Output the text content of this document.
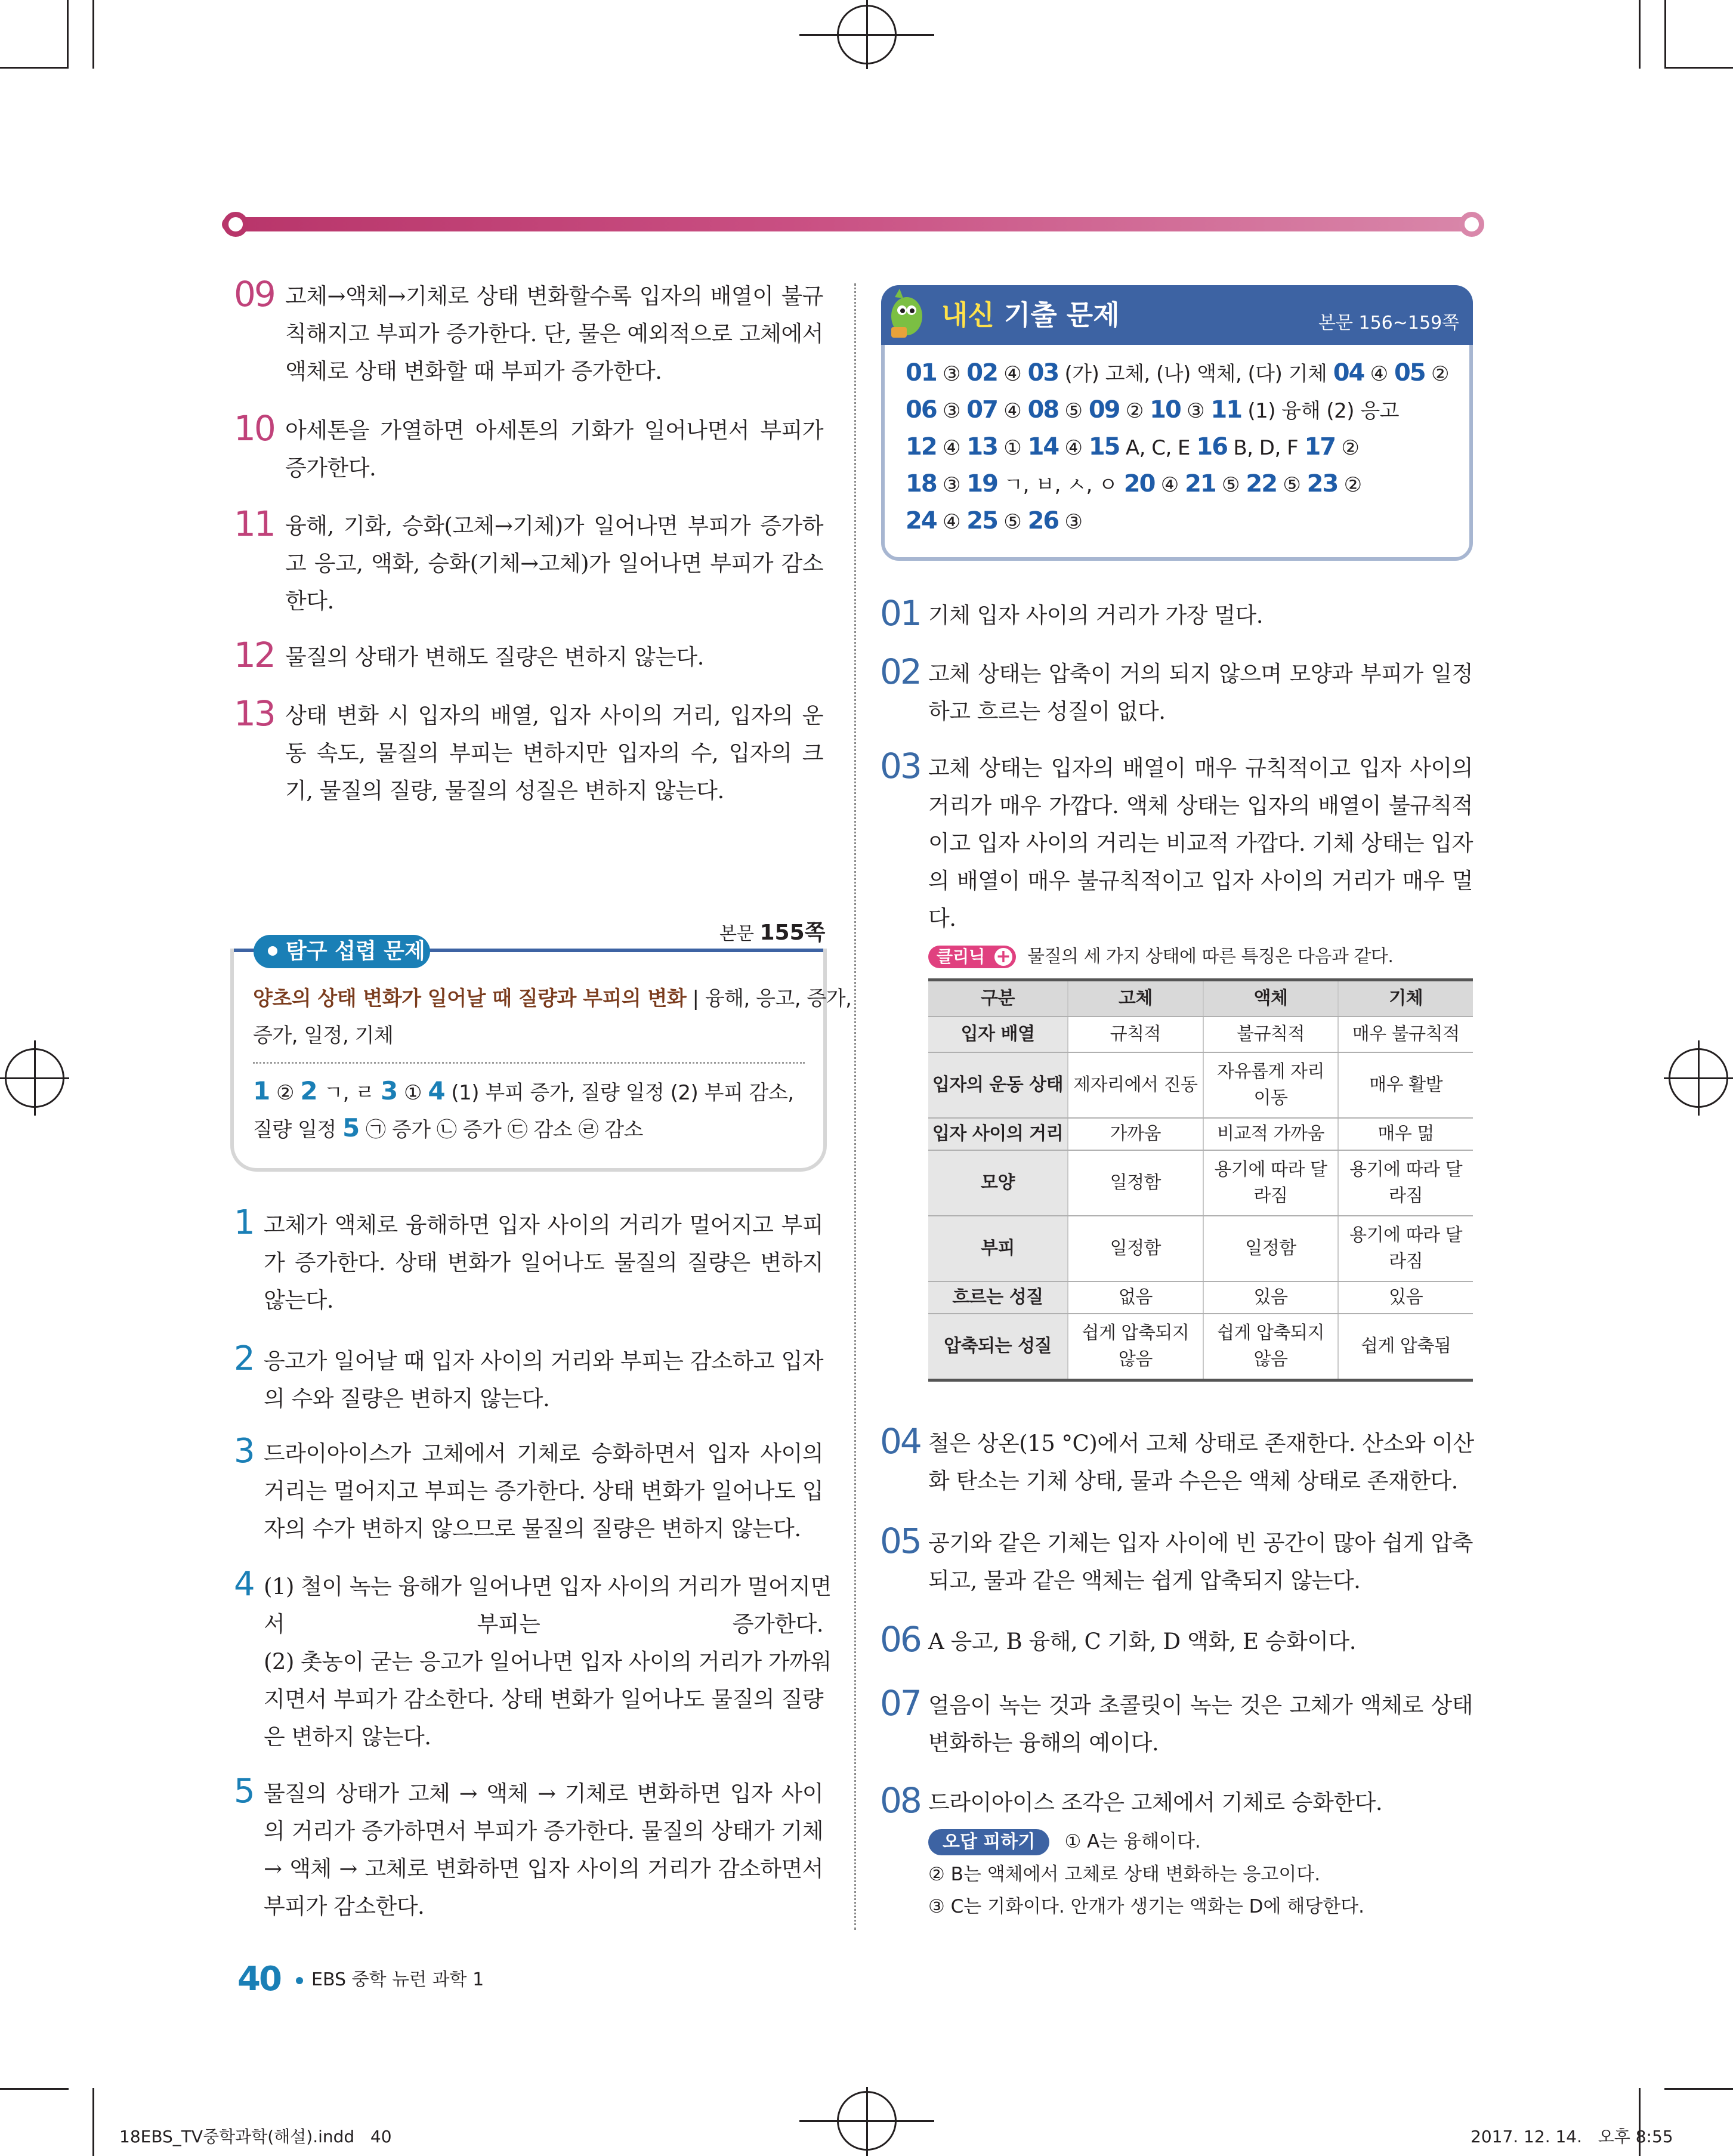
09 고체→액체→기체로 상태 변화할수록 입자의 배열이 불규
칙해지고 부피가 증가한다. 단, 물은 예외적으로 고체에서
액체로 상태 변화할 때 부피가 증가한다.
10 아세톤을 가열하면 아세톤의 기화가 일어나면서 부피가
증가한다.
11 융해, 기화, 승화(고체→기체)가 일어나면 부피가 증가하
고 응고, 액화, 승화(기체→고체)가 일어나면 부피가 감소
한다.
12 물질의 상태가 변해도 질량은 변하지 않는다.
13 상태 변화 시 입자의 배열, 입자 사이의 거리, 입자의 운
동 속도, 물질의 부피는 변하지만 입자의 수, 입자의 크
기, 물질의 질량, 물질의 성질은 변하지 않는다.
본문 155쪽
탐구 섭렵 문제
양초의 상태 변화가 일어날 때 질량과 부피의 변화 | 융해, 응고, 증가,
증가, 일정, 기체
1 ② 2 ㄱ, ㄹ 3 ① 4 (1) 부피 증가, 질량 일정 (2) 부피 감소,
질량 일정 5 ㉠ 증가 ㉡ 증가 ㉢ 감소 ㉣ 감소
1 고체가 액체로 융해하면 입자 사이의 거리가 멀어지고 부피
가 증가한다. 상태 변화가 일어나도 물질의 질량은 변하지
않는다.
2 응고가 일어날 때 입자 사이의 거리와 부피는 감소하고 입자
의 수와 질량은 변하지 않는다.
3 드라이아이스가 고체에서 기체로 승화하면서 입자 사이의
거리는 멀어지고 부피는 증가한다. 상태 변화가 일어나도 입
자의 수가 변하지 않으므로 물질의 질량은 변하지 않는다.
4 (1) 철이 녹는 융해가 일어나면 입자 사이의 거리가 멀어지면
서 부피는 증가한다.
(2) 촛농이 굳는 응고가 일어나면 입자 사이의 거리가 가까워
지면서 부피가 감소한다. 상태 변화가 일어나도 물질의 질량
은 변하지 않는다.
5 물질의 상태가 고체 → 액체 → 기체로 변화하면 입자 사이
의 거리가 증가하면서 부피가 증가한다. 물질의 상태가 기체
→ 액체 → 고체로 변화하면 입자 사이의 거리가 감소하면서
부피가 감소한다.
40 EBS 중학 뉴런 과학 1
18EBS_TV중학과학(해설).indd   40	2017. 12. 14.   오후 8:55
내신 기출 문제	본문 156~159쪽
01 ③ 02 ④ 03 (가) 고체, (나) 액체, (다) 기체 04 ④ 05 ②
06 ③ 07 ④ 08 ⑤ 09 ② 10 ③ 11 (1) 융해 (2) 응고
12 ④ 13 ① 14 ④ 15 A, C, E 16 B, D, F 17 ②
18 ③ 19 ㄱ, ㅂ, ㅅ, ㅇ 20 ④ 21 ⑤ 22 ⑤ 23 ②
24 ④ 25 ⑤ 26 ③
01 기체 입자 사이의 거리가 가장 멀다.
02 고체 상태는 압축이 거의 되지 않으며 모양과 부피가 일정
하고 흐르는 성질이 없다.
03 고체 상태는 입자의 배열이 매우 규칙적이고 입자 사이의
거리가 매우 가깝다. 액체 상태는 입자의 배열이 불규칙적
이고 입자 사이의 거리는 비교적 가깝다. 기체 상태는 입자
의 배열이 매우 불규칙적이고 입자 사이의 거리가 매우 멀
다.
클리닉 + 물질의 세 가지 상태에 따른 특징은 다음과 같다.
구분	고체	액체	기체
입자 배열	규칙적	불규칙적	매우 불규칙적
입자의 운동 상태	제자리에서 진동	자유롭게 자리 이동	매우 활발
입자 사이의 거리	가까움	비교적 가까움	매우 멂
모양	일정함	용기에 따라 달라짐	용기에 따라 달라짐
부피	일정함	일정함	용기에 따라 달라짐
흐르는 성질	없음	있음	있음
압축되는 성질	쉽게 압축되지 않음	쉽게 압축되지 않음	쉽게 압축됨
04 철은 상온(15 °C)에서 고체 상태로 존재한다. 산소와 이산
화 탄소는 기체 상태, 물과 수은은 액체 상태로 존재한다.
05 공기와 같은 기체는 입자 사이에 빈 공간이 많아 쉽게 압축
되고, 물과 같은 액체는 쉽게 압축되지 않는다.
06 A 응고, B 융해, C 기화, D 액화, E 승화이다.
07 얼음이 녹는 것과 초콜릿이 녹는 것은 고체가 액체로 상태
변화하는 융해의 예이다.
08 드라이아이스 조각은 고체에서 기체로 승화한다.
오답 피하기 ① A는 융해이다.
② B는 액체에서 고체로 상태 변화하는 응고이다.
③ C는 기화이다. 안개가 생기는 액화는 D에 해당한다.
